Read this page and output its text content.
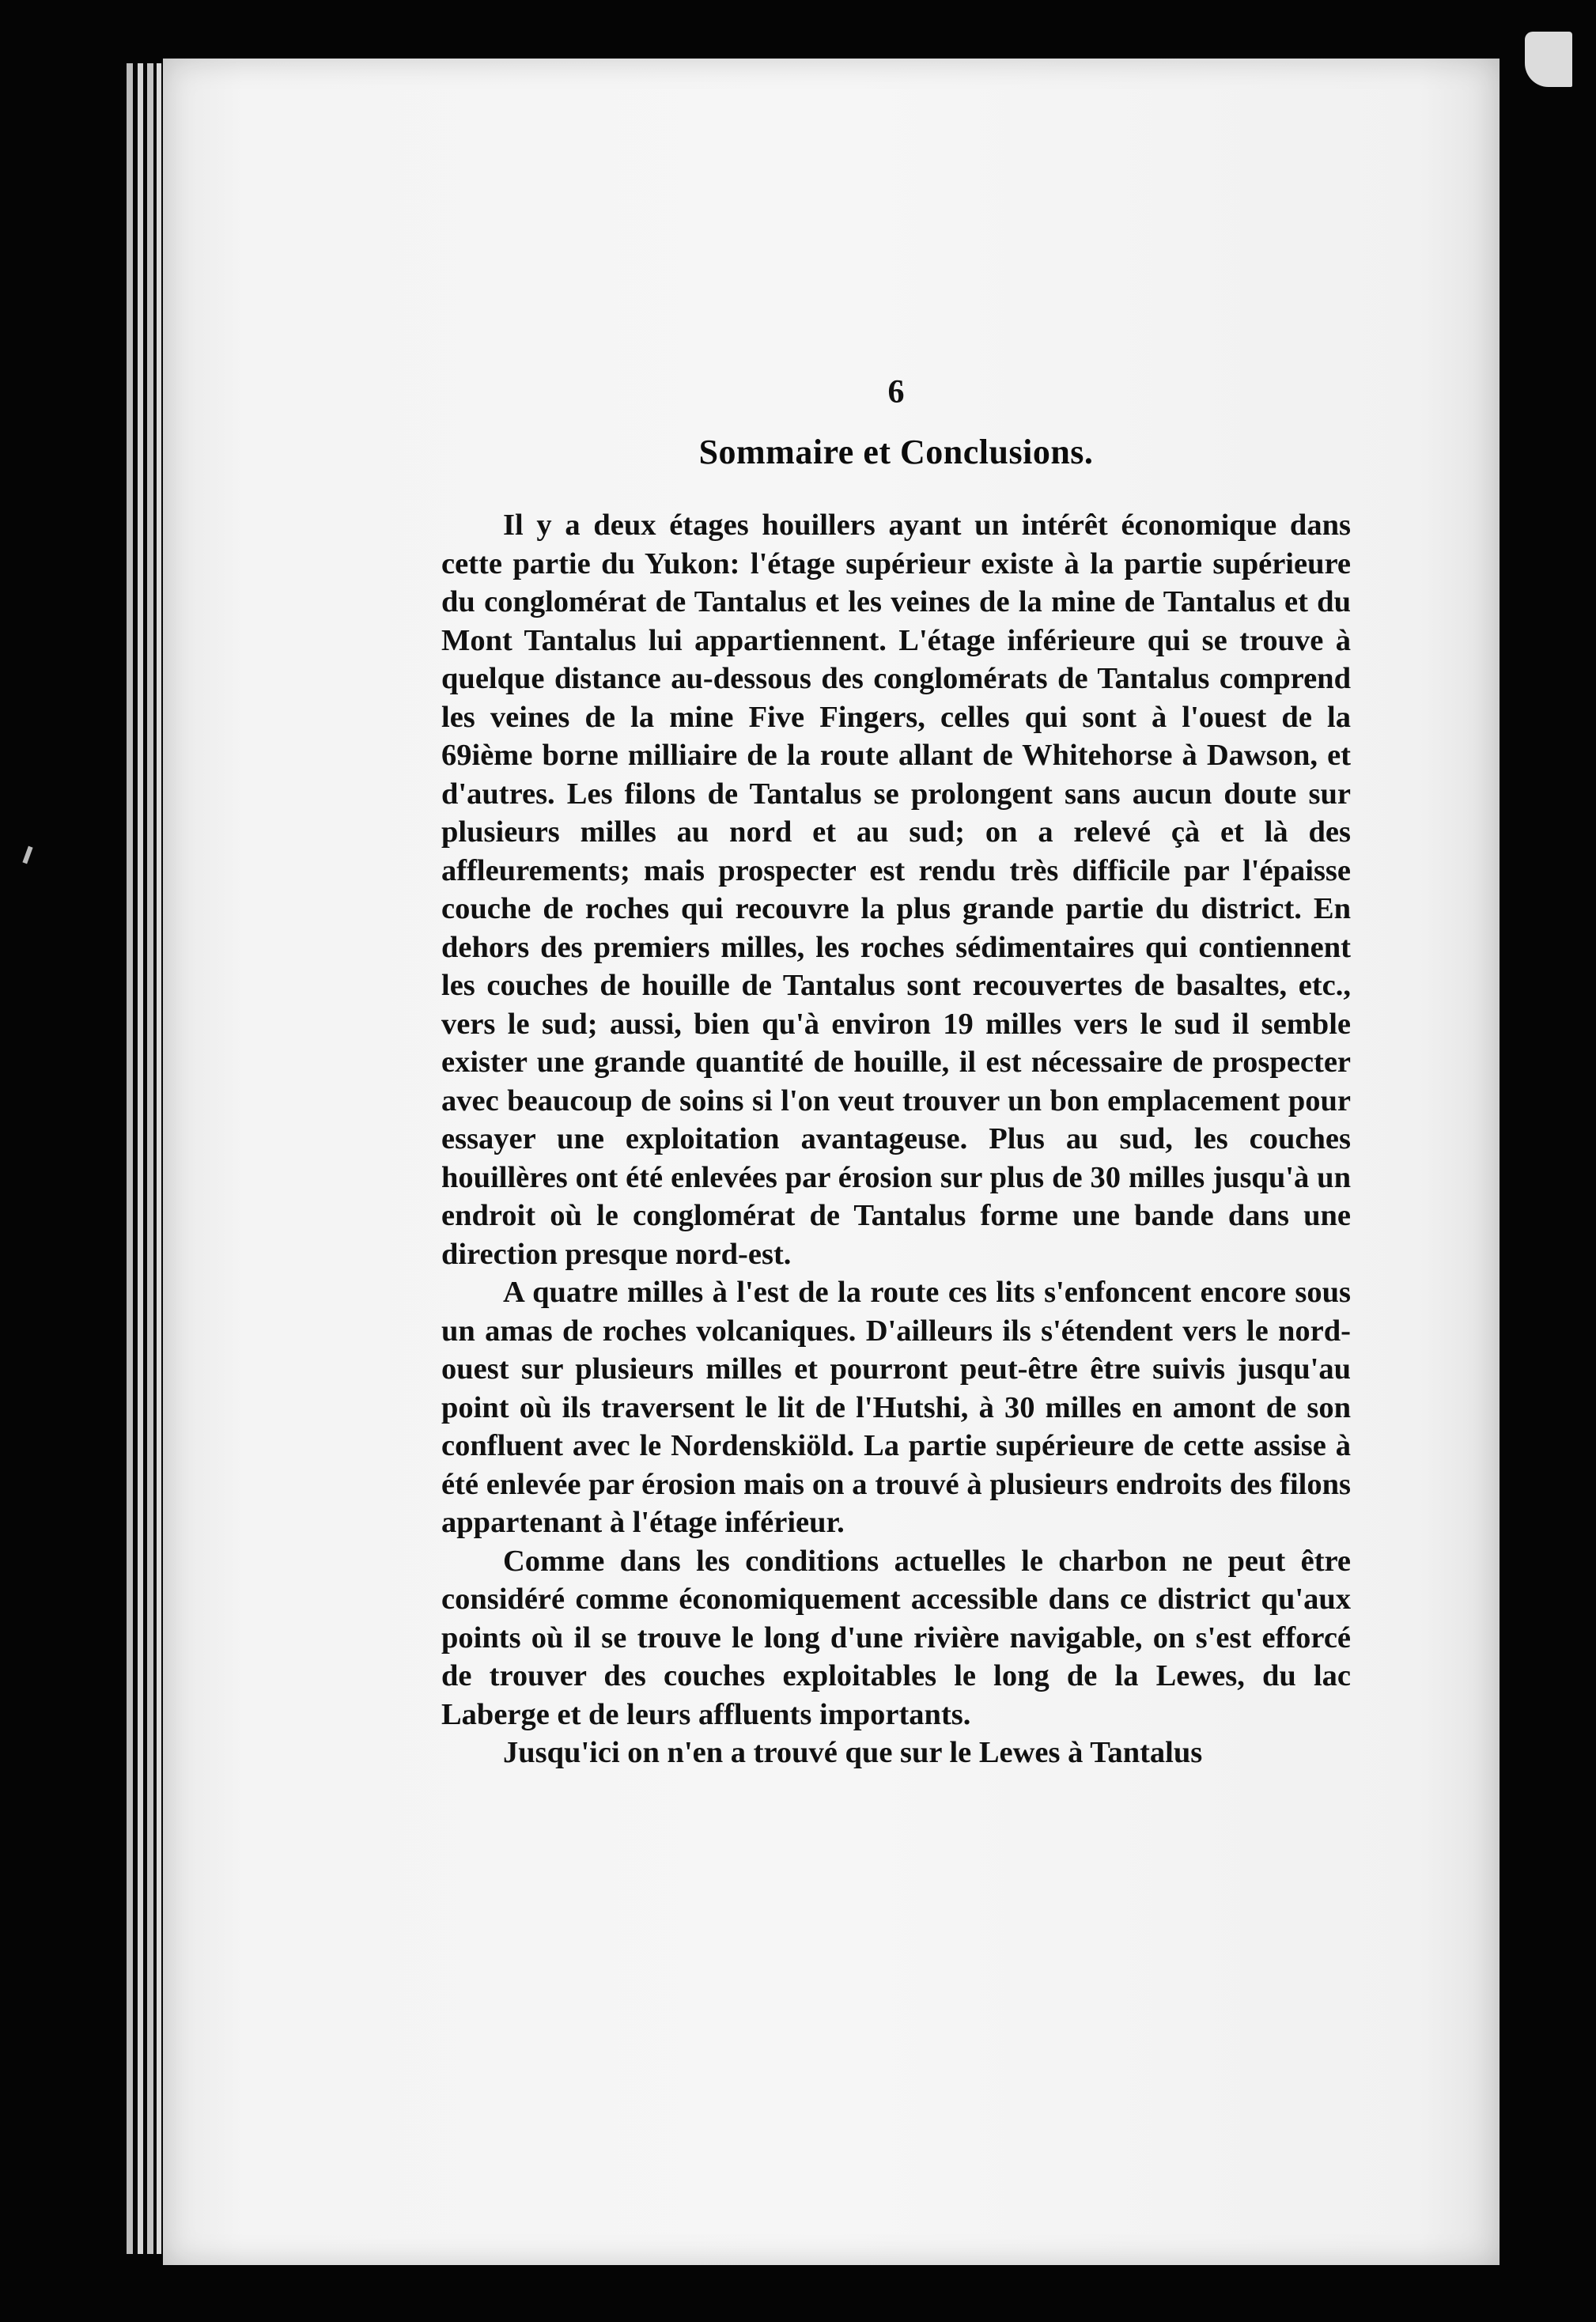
6
Sommaire et Conclusions.

Il y a deux étages houillers ayant un intérêt économique dans cette partie du Yukon: l'étage supérieur existe à la partie supérieure du conglomérat de Tantalus et les veines de la mine de Tantalus et du Mont Tantalus lui appartiennent. L'étage inférieure qui se trouve à quelque distance au-dessous des conglomérats de Tantalus comprend les veines de la mine Five Fingers, celles qui sont à l'ouest de la 69ième borne milliaire de la route allant de Whitehorse à Dawson, et d'autres. Les filons de Tantalus se prolongent sans aucun doute sur plusieurs milles au nord et au sud; on a relevé çà et là des affleurements; mais prospecter est rendu très difficile par l'épaisse couche de roches qui recouvre la plus grande partie du district. En dehors des premiers milles, les roches sédimentaires qui contiennent les couches de houille de Tantalus sont recouvertes de basaltes, etc., vers le sud; aussi, bien qu'à environ 19 milles vers le sud il semble exister une grande quantité de houille, il est nécessaire de prospecter avec beaucoup de soins si l'on veut trouver un bon emplacement pour essayer une exploitation avantageuse. Plus au sud, les couches houillères ont été enlevées par érosion sur plus de 30 milles jusqu'à un endroit où le conglomérat de Tantalus forme une bande dans une direction presque nord-est.

A quatre milles à l'est de la route ces lits s'enfoncent encore sous un amas de roches volcaniques. D'ailleurs ils s'étendent vers le nord-ouest sur plusieurs milles et pourront peut-être être suivis jusqu'au point où ils traversent le lit de l'Hutshi, à 30 milles en amont de son confluent avec le Nordenskiöld. La partie supérieure de cette assise à été enlevée par érosion mais on a trouvé à plusieurs endroits des filons appartenant à l'étage inférieur.

Comme dans les conditions actuelles le charbon ne peut être considéré comme économiquement accessible dans ce district qu'aux points où il se trouve le long d'une rivière navigable, on s'est efforcé de trouver des couches exploitables le long de la Lewes, du lac Laberge et de leurs affluents importants.

Jusqu'ici on n'en a trouvé que sur le Lewes à Tantalus
